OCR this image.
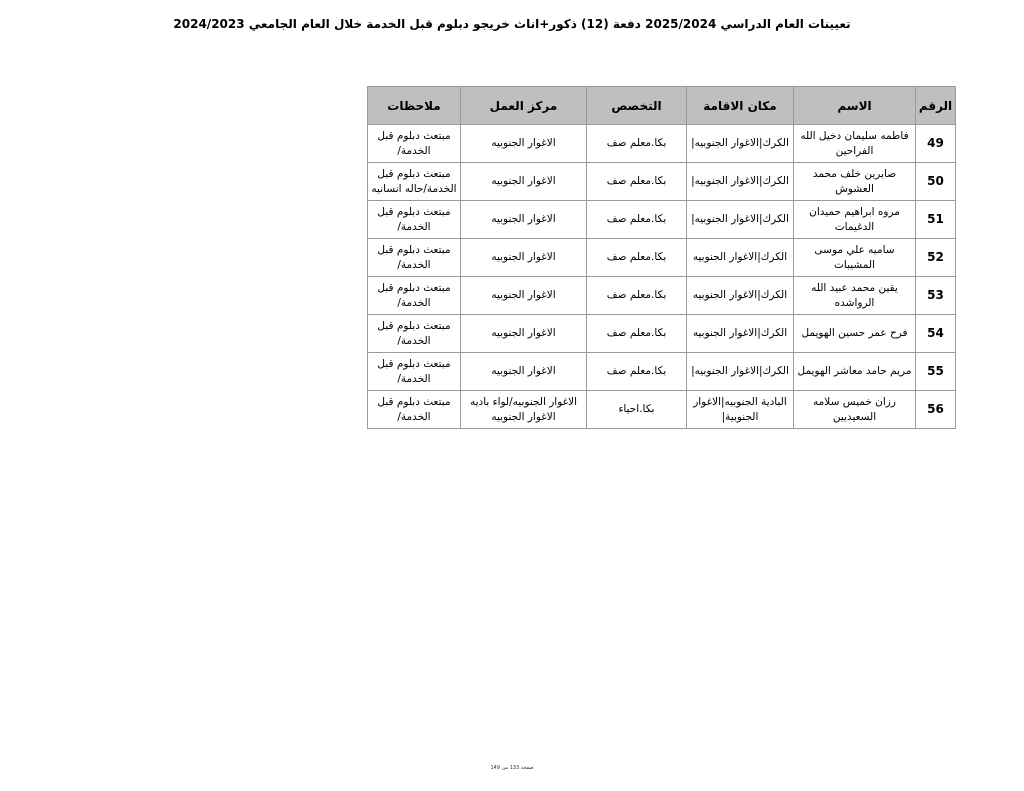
تعيينات العام الدراسي 2025/2024 دفعة (12) ذكور+اناث خريجو دبلوم قبل الخدمة خلال العام الجامعي 2024/2023
الرقم	الاسم	مكان الاقامة	التخصص	مركز العمل	ملاحظات
49	فاطمه سليمان دخيل الله الفراحين	الكرك|الاغوار الجنوبيه|	بكا.معلم صف	الاغوار الجنوبيه	مبتعث دبلوم قبل الخدمة/

50	صابرين خلف محمد العشوش	الكرك|الاغوار الجنوبيه|	بكا.معلم صف	الاغوار الجنوبيه	مبتعث دبلوم قبل الخدمة/حاله انسانيه

51	مروه ابراهيم حميدان الدغيمات	الكرك|الاغوار الجنوبيه|	بكا.معلم صف	الاغوار الجنوبيه	مبتعث دبلوم قبل الخدمة/

52	ساميه علي موسى المشيبات	الكرك|الاغوار الجنوبيه	بكا.معلم صف	الاغوار الجنوبيه	مبتعث دبلوم قبل الخدمة/

53	يقين محمد عبيد الله الرواشده	الكرك|الاغوار الجنوبيه	بكا.معلم صف	الاغوار الجنوبيه	مبتعث دبلوم قبل الخدمة/

54	فرح عمر حسين الهويمل	الكرك|الاغوار الجنوبيه	بكا.معلم صف	الاغوار الجنوبيه	مبتعث دبلوم قبل الخدمة/

55	مريم حامد معاشر الهويمل	الكرك|الاغوار الجنوبيه|	بكا.معلم صف	الاغوار الجنوبيه	مبتعث دبلوم قبل الخدمة/

56	رزان خميس سلامه السعيديين	البادية الجنوبيه|الاغوار الجنوبية|	بكا.احياء	الاغوار الجنوبيه/لواء باديه الاغوار الجنوبيه	مبتعث دبلوم قبل الخدمة/
صفحة 133 من 149
